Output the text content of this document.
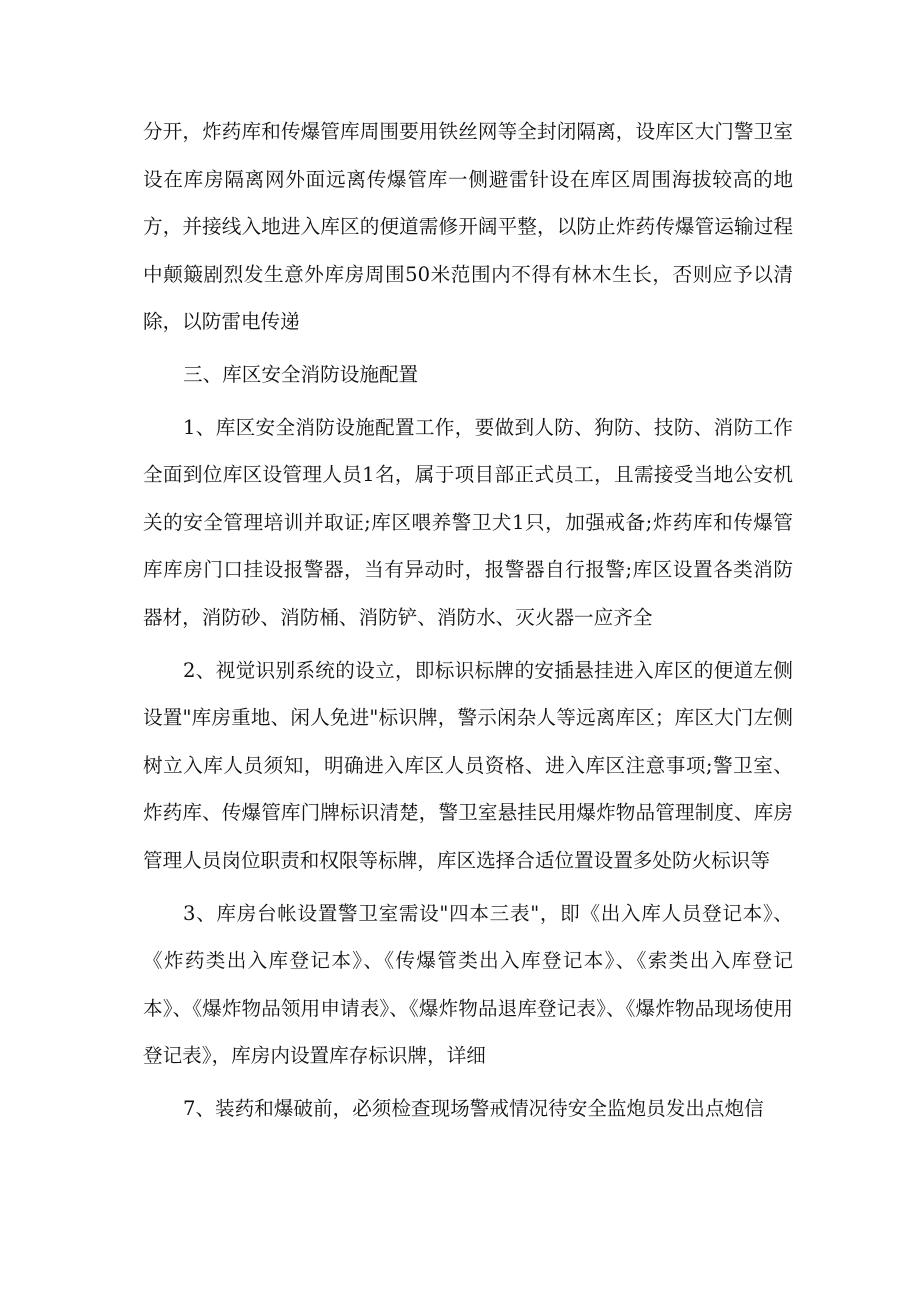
分开，炸药库和传爆管库周围要用铁丝网等全封闭隔离，设库区大门警卫室设在库房隔离网外面远离传爆管库一侧避雷针设在库区周围海拔较高的地方，并接线入地进入库区的便道需修开阔平整，以防止炸药传爆管运输过程中颠簸剧烈发生意外库房周围50米范围内不得有林木生长，否则应予以清除，以防雷电传递

三、库区安全消防设施配置

1、库区安全消防设施配置工作，要做到人防、狗防、技防、消防工作全面到位库区设管理人员1名，属于项目部正式员工，且需接受当地公安机关的安全管理培训并取证;库区喂养警卫犬1只，加强戒备;炸药库和传爆管库库房门口挂设报警器，当有异动时，报警器自行报警;库区设置各类消防器材，消防砂、消防桶、消防铲、消防水、灭火器一应齐全

2、视觉识别系统的设立，即标识标牌的安插悬挂进入库区的便道左侧设置"库房重地、闲人免进"标识牌，警示闲杂人等远离库区；库区大门左侧树立入库人员须知，明确进入库区人员资格、进入库区注意事项;警卫室、炸药库、传爆管库门牌标识清楚，警卫室悬挂民用爆炸物品管理制度、库房管理人员岗位职责和权限等标牌，库区选择合适位置设置多处防火标识等

3、库房台帐设置警卫室需设"四本三表"，即《出入库人员登记本》、《炸药类出入库登记本》、《传爆管类出入库登记本》、《索类出入库登记本》、《爆炸物品领用申请表》、《爆炸物品退库登记表》、《爆炸物品现场使用登记表》，库房内设置库存标识牌，详细

7、装药和爆破前，必须检查现场警戒情况待安全监炮员发出点炮信
